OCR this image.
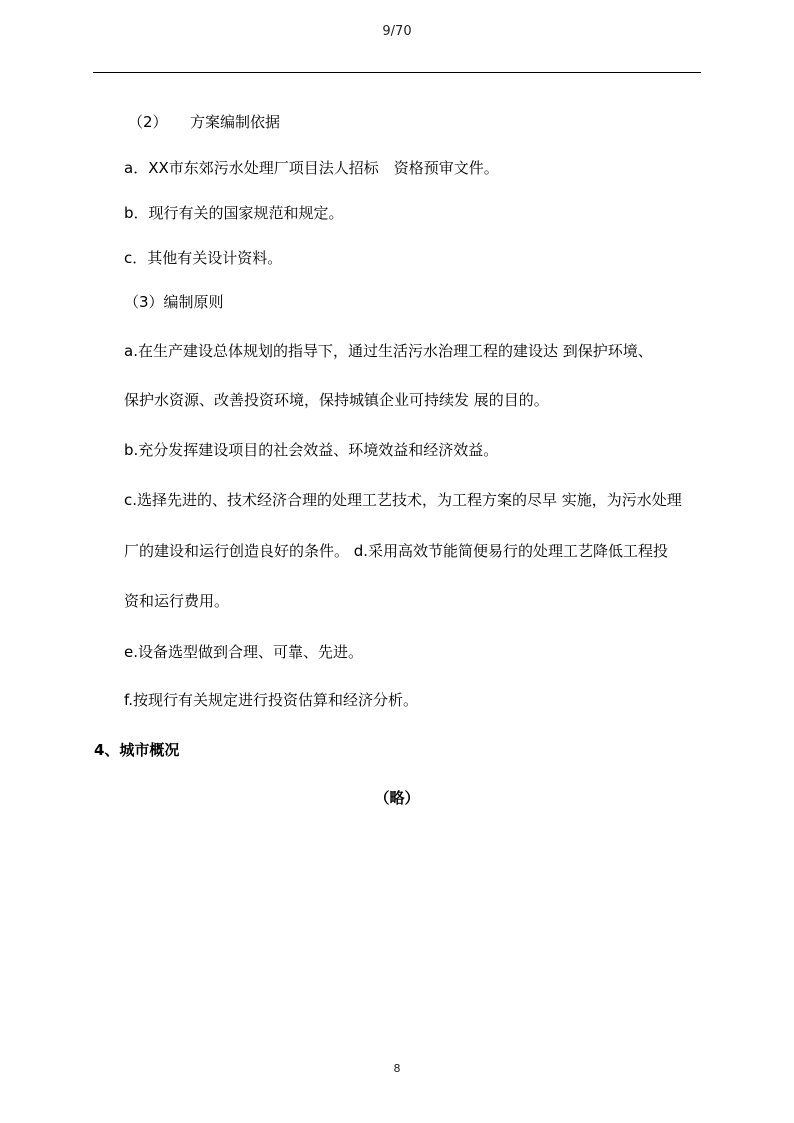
9/70
（2）　　方案编制依据
a．XX市东郊污水处理厂项目法人招标　资格预审文件。
b．现行有关的国家规范和规定。
c．其他有关设计资料。
（3）编制原则
a.在生产建设总体规划的指导下，通过生活污水治理工程的建设达 到保护环境、
保护水资源、改善投资环境，保持城镇企业可持续发 展的目的。
b.充分发挥建设项目的社会效益、环境效益和经济效益。
c.选择先进的、技术经济合理的处理工艺技术，为工程方案的尽早 实施，为污水处理
厂的建设和运行创造良好的条件。 d.采用高效节能简便易行的处理工艺降低工程投
资和运行费用。
e.设备选型做到合理、可靠、先进。
f.按现行有关规定进行投资估算和经济分析。
4、城市概况
（略）
8
